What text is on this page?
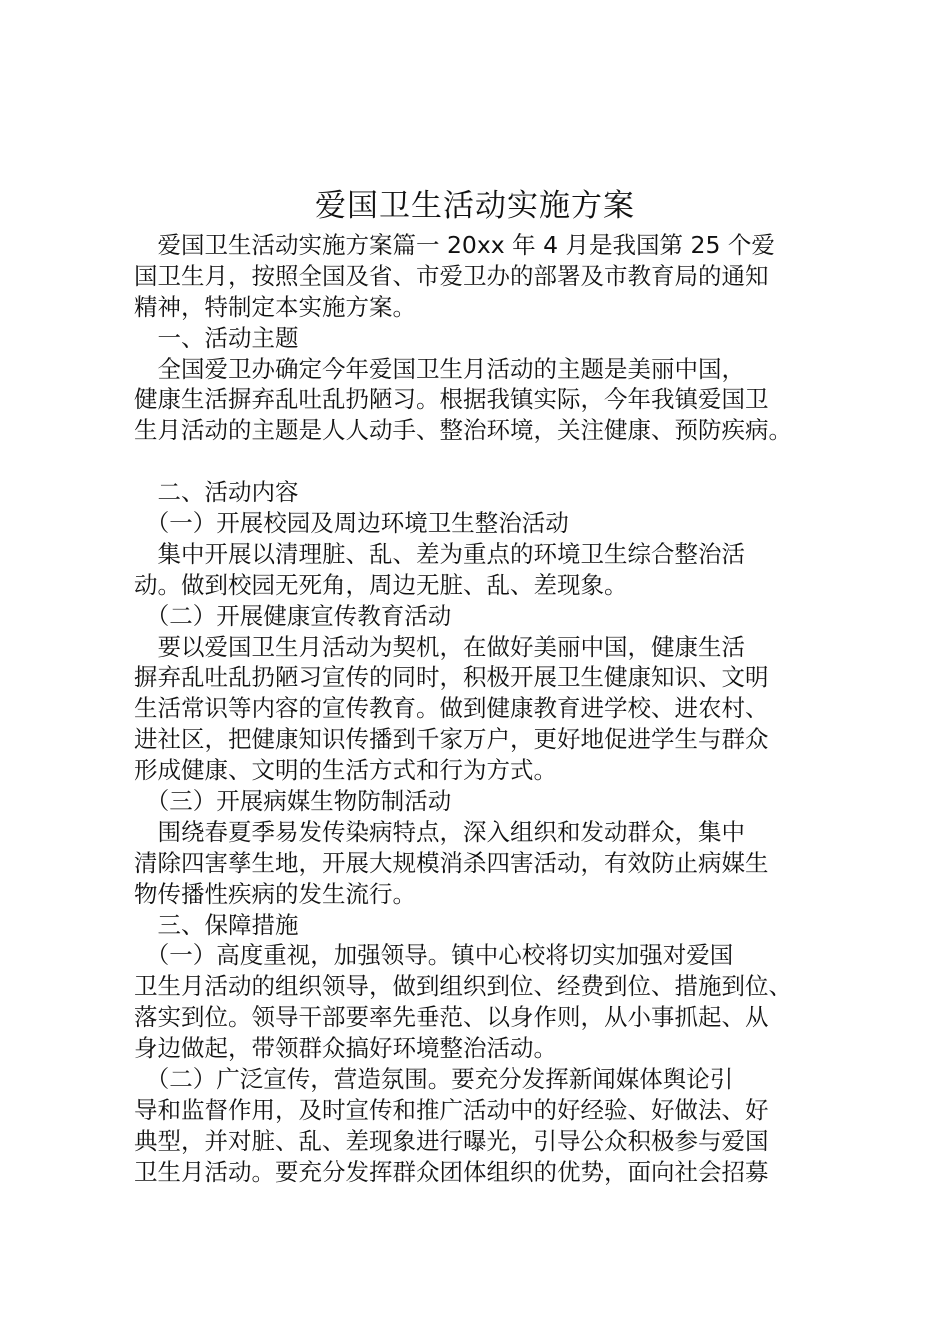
爱国卫生活动实施方案
　爱国卫生活动实施方案篇一 20xx 年 4 月是我国第 25 个爱
国卫生月，按照全国及省、市爱卫办的部署及市教育局的通知
精神，特制定本实施方案。
　一、活动主题
　全国爱卫办确定今年爱国卫生月活动的主题是美丽中国，
健康生活摒弃乱吐乱扔陋习。根据我镇实际，今年我镇爱国卫
生月活动的主题是人人动手、整治环境，关注健康、预防疾病。
　二、活动内容
　（一）开展校园及周边环境卫生整治活动
　集中开展以清理脏、乱、差为重点的环境卫生综合整治活
动。做到校园无死角，周边无脏、乱、差现象。
　（二）开展健康宣传教育活动
　要以爱国卫生月活动为契机，在做好美丽中国，健康生活
摒弃乱吐乱扔陋习宣传的同时，积极开展卫生健康知识、文明
生活常识等内容的宣传教育。做到健康教育进学校、进农村、
进社区，把健康知识传播到千家万户，更好地促进学生与群众
形成健康、文明的生活方式和行为方式。
　（三）开展病媒生物防制活动
　围绕春夏季易发传染病特点，深入组织和发动群众，集中
清除四害孳生地，开展大规模消杀四害活动，有效防止病媒生
物传播性疾病的发生流行。
　三、保障措施
　（一）高度重视，加强领导。镇中心校将切实加强对爱国
卫生月活动的组织领导，做到组织到位、经费到位、措施到位、
落实到位。领导干部要率先垂范、以身作则，从小事抓起、从
身边做起，带领群众搞好环境整治活动。
　（二）广泛宣传，营造氛围。要充分发挥新闻媒体舆论引
导和监督作用，及时宣传和推广活动中的好经验、好做法、好
典型，并对脏、乱、差现象进行曝光，引导公众积极参与爱国
卫生月活动。要充分发挥群众团体组织的优势，面向社会招募
